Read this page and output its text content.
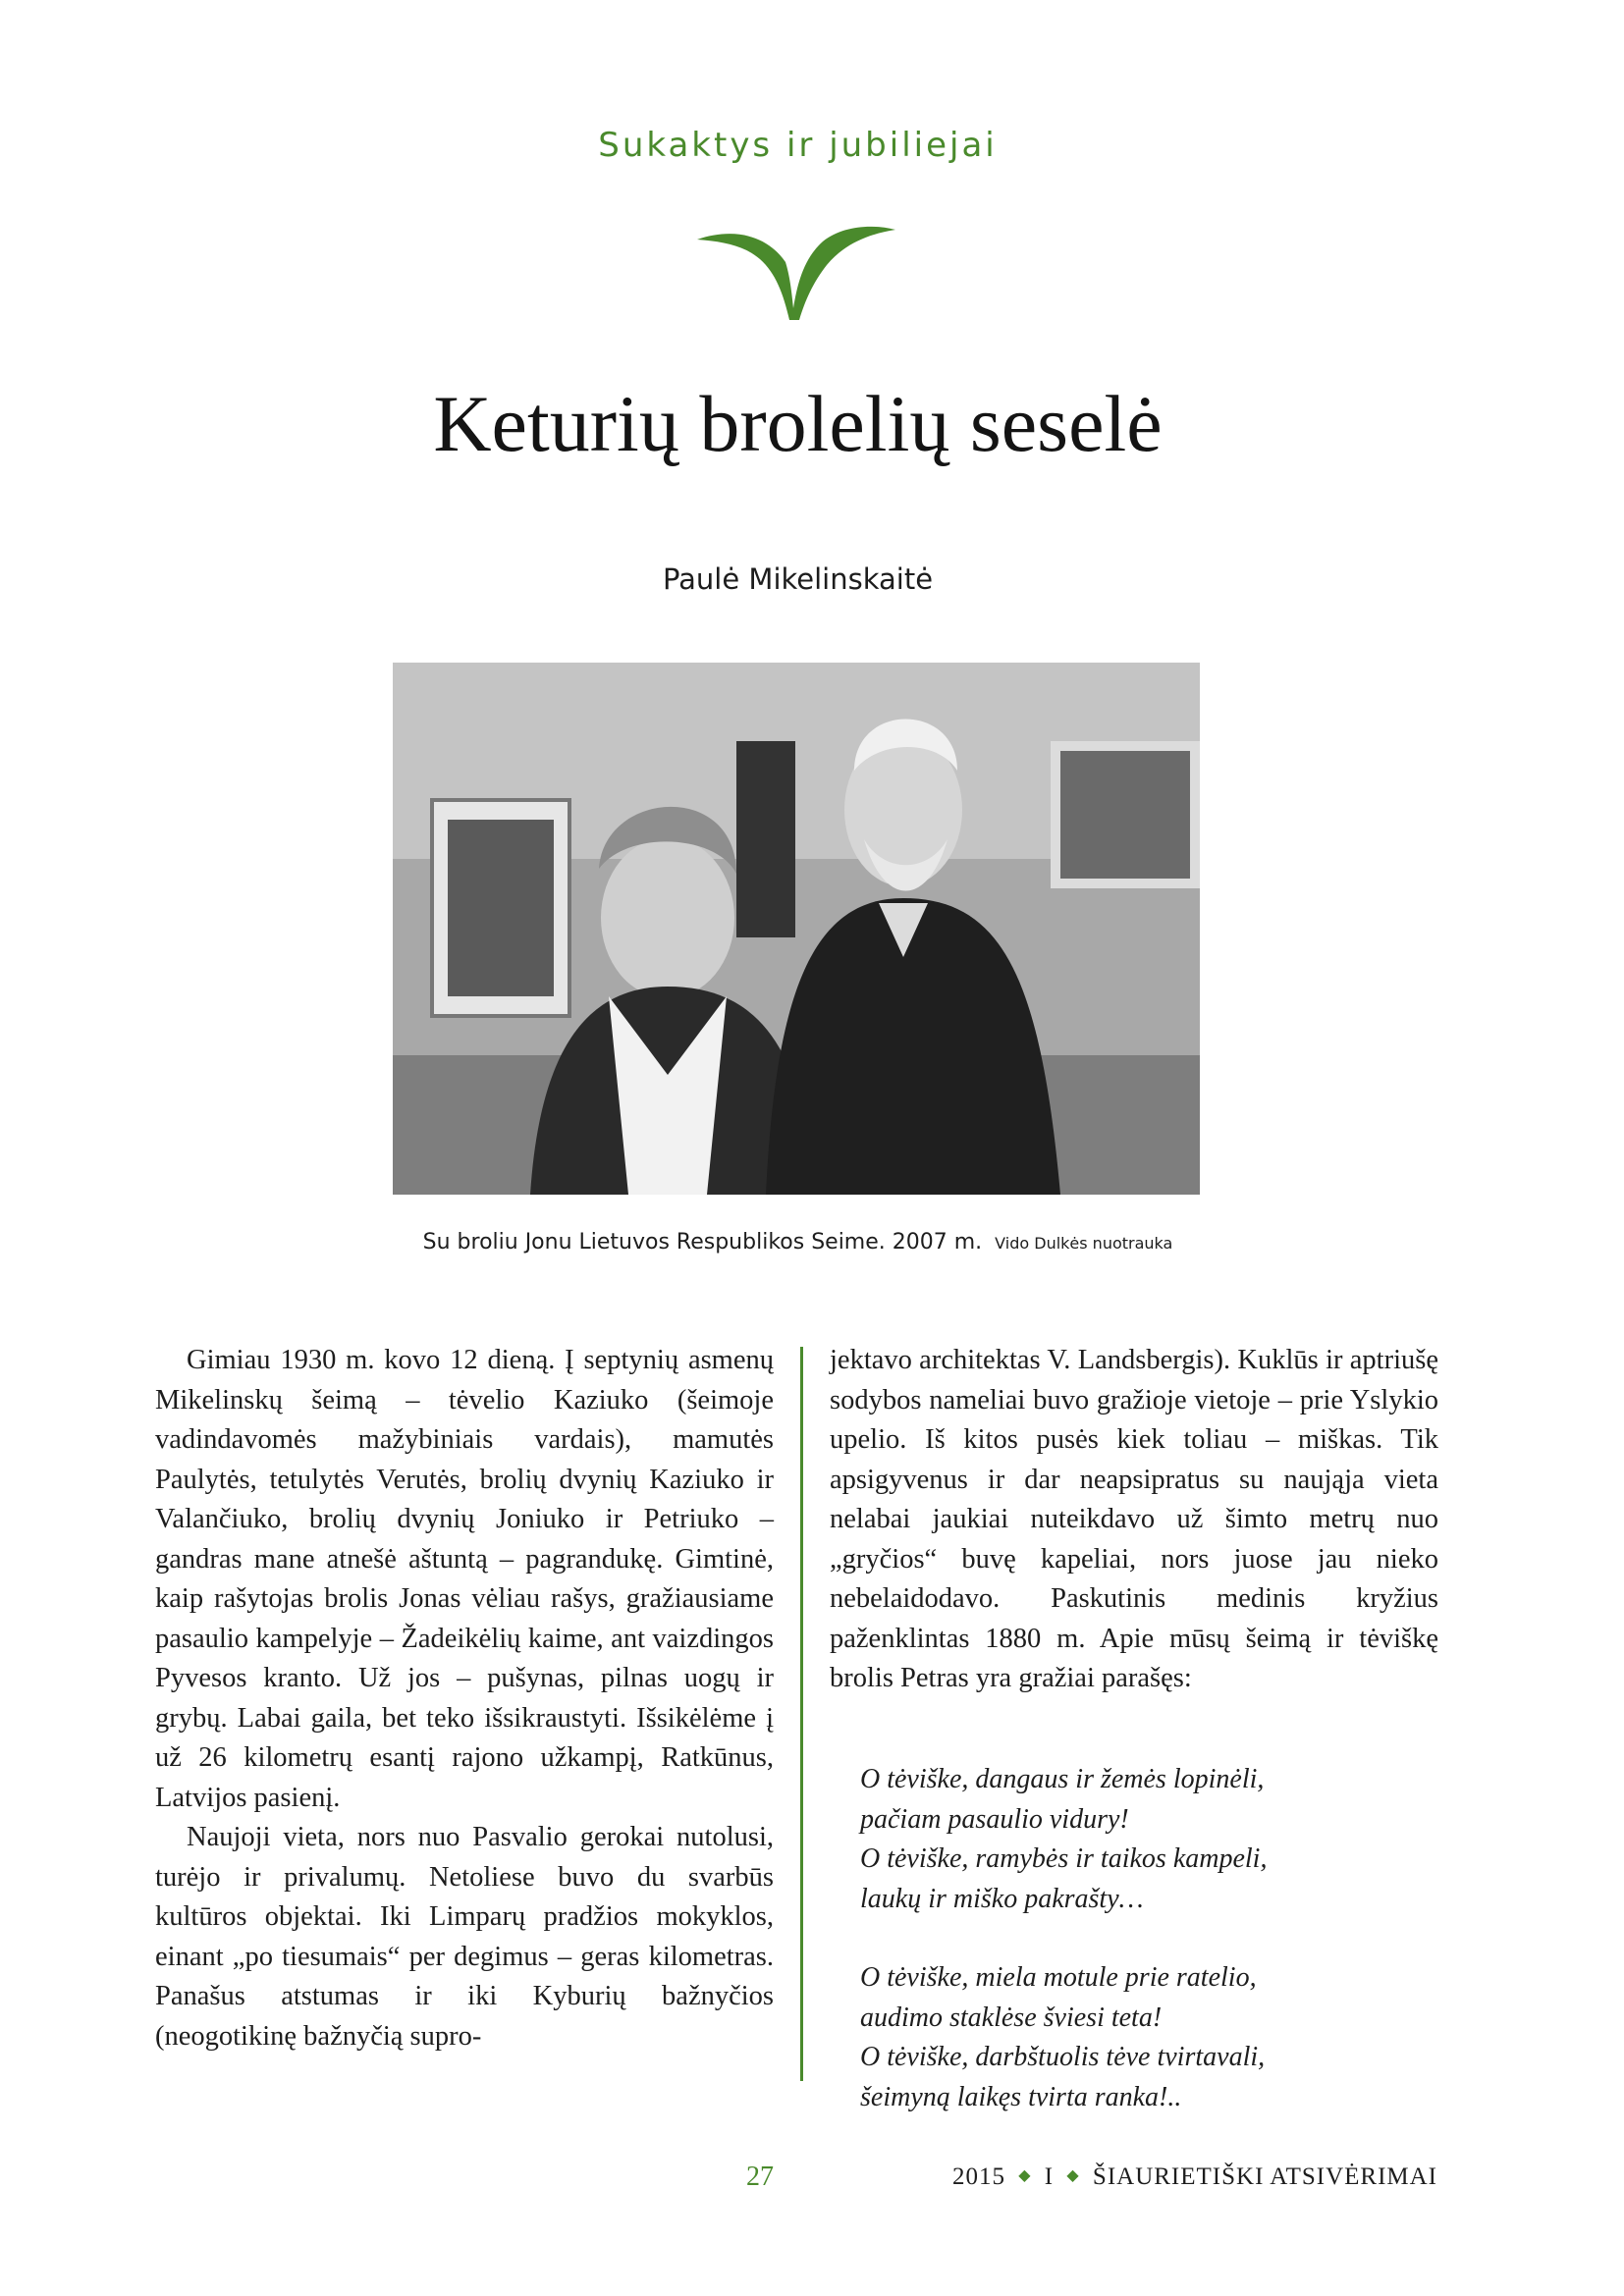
Sukaktys ir jubiliejai
Keturių brolelių seselė
Paulė Mikelinskaitė
Su broliu Jonu Lietuvos Respublikos Seime. 2007 m. Vido Dulkės nuotrauka

Gimiau 1930 m. kovo 12 dieną. Į septynių asmenų Mikelinskų šeimą – tėvelio Kaziuko (šeimoje vadindavomės mažybiniais vardais), mamutės Paulytės, tetulytės Verutės, brolių dvynių Kaziuko ir Valančiuko, brolių dvynių Joniuko ir Petriuko – gandras mane atnešė aštuntą – pagrandukę. Gimtinė, kaip rašytojas brolis Jonas vėliau rašys, gražiausiame pasaulio kampelyje – Žadeikėlių kaime, ant vaizdingos Pyvesos kranto. Už jos – pušynas, pilnas uogų ir grybų. Labai gaila, bet teko išsikraustyti. Išsikėlėme į už 26 kilometrų esantį rajono užkampį, Ratkūnus, Latvijos pasienį.

Naujoji vieta, nors nuo Pasvalio gerokai nutolusi, turėjo ir privalumų. Netoliese buvo du svarbūs kultūros objektai. Iki Limparų pradžios mokyklos, einant „po tiesumais“ per degimus – geras kilometras. Panašus atstumas ir iki Kyburių bažnyčios (neogotikinę bažnyčią supro-

jektavo architektas V. Landsbergis). Kuklūs ir aptriušę sodybos nameliai buvo gražioje vietoje – prie Yslykio upelio. Iš kitos pusės kiek toliau – miškas. Tik apsigyvenus ir dar neapsipratus su naująja vieta nelabai jaukiai nuteikdavo už šimto metrų nuo „gryčios“ buvę kapeliai, nors juose jau nieko nebelaidodavo. Paskutinis medinis kryžius paženklintas 1880 m. Apie mūsų šeimą ir tėviškę brolis Petras yra gražiai parašęs:

O tėviške, dangaus ir žemės lopinėli,
pačiam pasaulio vidury!
O tėviške, ramybės ir taikos kampeli,
laukų ir miško pakrašty…
O tėviške, miela motule prie ratelio,
audimo staklėse šviesi teta!
O tėviške, darbštuolis tėve tvirtavali,
šeimyną laikęs tvirta ranka!..
27	2015 ◆ I ◆ ŠIAURIETIŠKI ATSIVĖRIMAI
